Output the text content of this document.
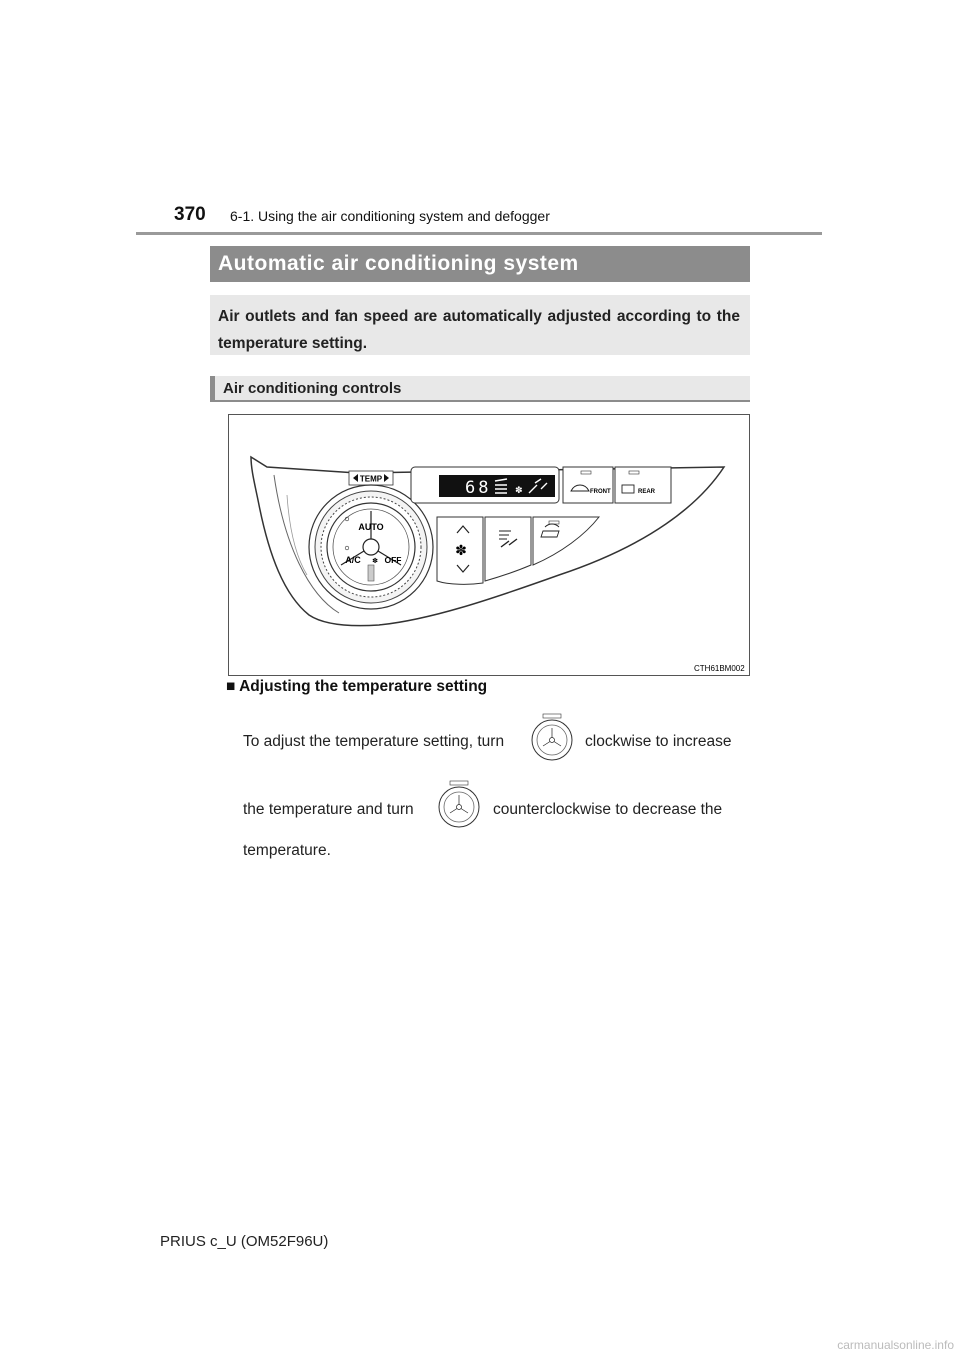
370 6-1. Using the air conditioning system and defogger
Automatic air conditioning system
Air outlets and fan speed are automatically adjusted according to the temperature setting.
Air conditioning controls
TEMP
AUTO
A/C	OFF
✽
68	✽	FRONT	REAR
✽
CTH61BM002
■ Adjusting the temperature setting
To adjust the temperature setting, turn	clockwise to increase
the temperature and turn	counterclockwise to decrease the
temperature.
PRIUS c_U (OM52F96U)
carmanualsonline.info
